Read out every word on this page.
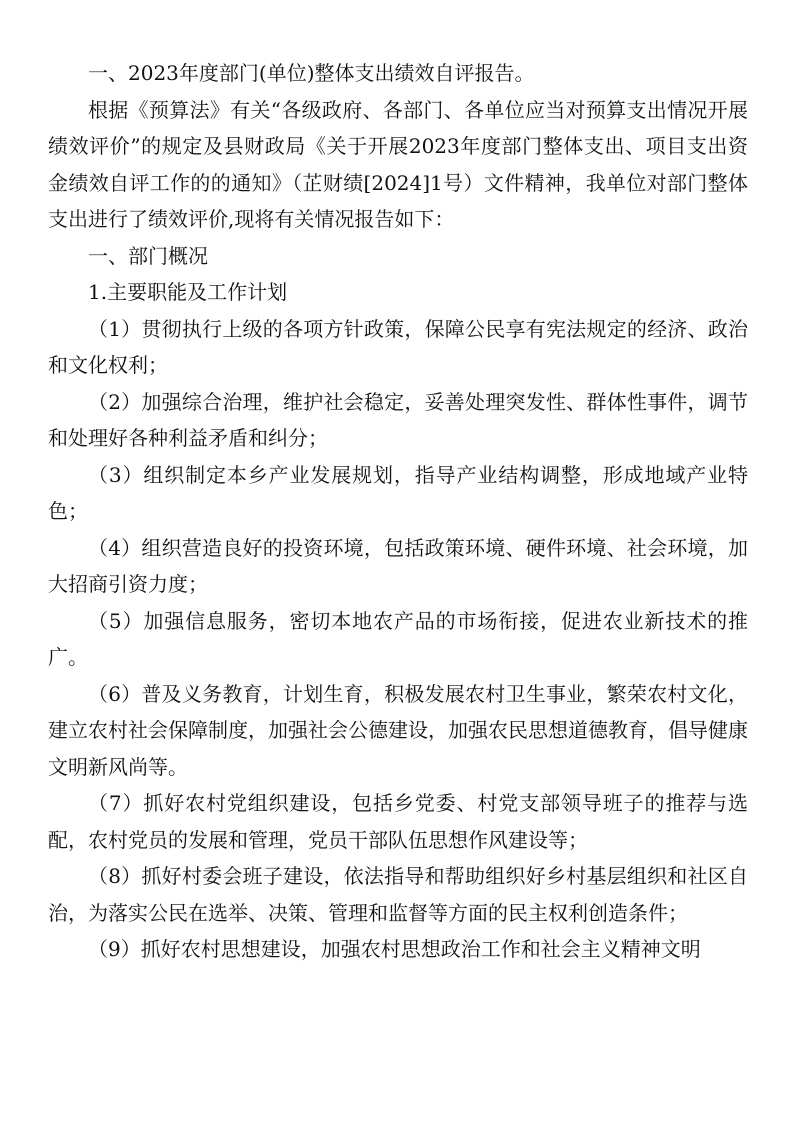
一、2023年度部门(单位)整体支出绩效自评报告。

根据《预算法》有关“各级政府、各部门、各单位应当对预算支出情况开展绩效评价”的规定及县财政局《关于开展2023年度部门整体支出、项目支出资金绩效自评工作的的通知》（芷财绩[2024]1号）文件精神，我单位对部门整体支出进行了绩效评价,现将有关情况报告如下：

一、部门概况

1.主要职能及工作计划

（1）贯彻执行上级的各项方针政策，保障公民享有宪法规定的经济、政治和文化权利；

（2）加强综合治理，维护社会稳定，妥善处理突发性、群体性事件，调节和处理好各种利益矛盾和纠分；

（3）组织制定本乡产业发展规划，指导产业结构调整，形成地域产业特色；

（4）组织营造良好的投资环境，包括政策环境、硬件环境、社会环境，加大招商引资力度；

（5）加强信息服务，密切本地农产品的市场衔接，促进农业新技术的推广。

（6）普及义务教育，计划生育，积极发展农村卫生事业，繁荣农村文化，建立农村社会保障制度，加强社会公德建设，加强农民思想道德教育，倡导健康文明新风尚等。

（7）抓好农村党组织建设，包括乡党委、村党支部领导班子的推荐与选配，农村党员的发展和管理，党员干部队伍思想作风建设等；

（8）抓好村委会班子建设，依法指导和帮助组织好乡村基层组织和社区自治，为落实公民在选举、决策、管理和监督等方面的民主权利创造条件；

（9）抓好农村思想建设，加强农村思想政治工作和社会主义精神文明
